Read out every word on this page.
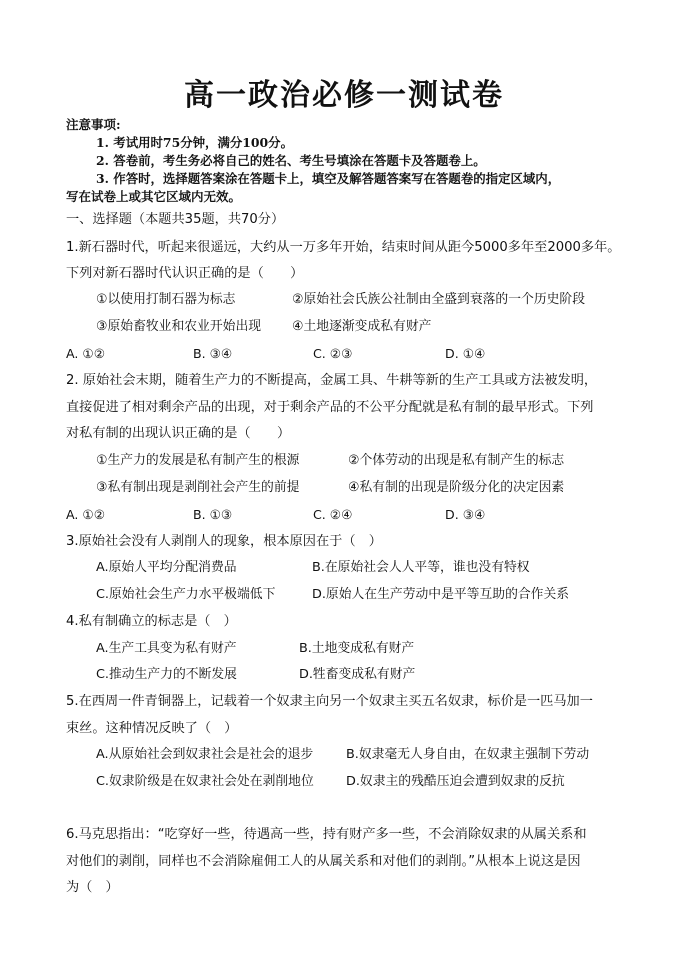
高一政治必修一测试卷
注意事项:
1. 考试用时75分钟，满分100分。
2. 答卷前，考生务必将自己的姓名、考生号填涂在答题卡及答题卷上。
3. 作答时，选择题答案涂在答题卡上，填空及解答题答案写在答题卷的指定区域内，
写在试卷上或其它区域内无效。
一、选择题（本题共35题，共70分）
1.新石器时代，听起来很遥远，大约从一万多年开始，结束时间从距今5000多年至2000多年。
下列对新石器时代认识正确的是（　　）
①以使用打制石器为标志	②原始社会氏族公社制由全盛到衰落的一个历史阶段
③原始畜牧业和农业开始出现 ④土地逐渐变成私有财产
A. ①②	B. ③④	C. ②③	D. ①④
2. 原始社会末期，随着生产力的不断提高，金属工具、牛耕等新的生产工具或方法被发明，
直接促进了相对剩余产品的出现，对于剩余产品的不公平分配就是私有制的最早形式。下列
对私有制的出现认识正确的是（　　）
①生产力的发展是私有制产生的根源	②个体劳动的出现是私有制产生的标志
③私有制出现是剥削社会产生的前提	④私有制的出现是阶级分化的决定因素
A. ①②	B. ①③	C. ②④	D. ③④
3.原始社会没有人剥削人的现象，根本原因在于（　）
A.原始人平均分配消费品	B.在原始社会人人平等，谁也没有特权
C.原始社会生产力水平极端低下	D.原始人在生产劳动中是平等互助的合作关系
4.私有制确立的标志是（　）
A.生产工具变为私有财产	B.土地变成私有财产
C.推动生产力的不断发展	D.牲畜变成私有财产
5.在西周一件青铜器上，记载着一个奴隶主向另一个奴隶主买五名奴隶，标价是一匹马加一
束丝。这种情况反映了（　）
A.从原始社会到奴隶社会是社会的退步	B.奴隶毫无人身自由，在奴隶主强制下劳动
C.奴隶阶级是在奴隶社会处在剥削地位	D.奴隶主的残酷压迫会遭到奴隶的反抗
6.马克思指出：“吃穿好一些，待遇高一些，持有财产多一些，不会消除奴隶的从属关系和
对他们的剥削，同样也不会消除雇佣工人的从属关系和对他们的剥削。”从根本上说这是因
为（　）
